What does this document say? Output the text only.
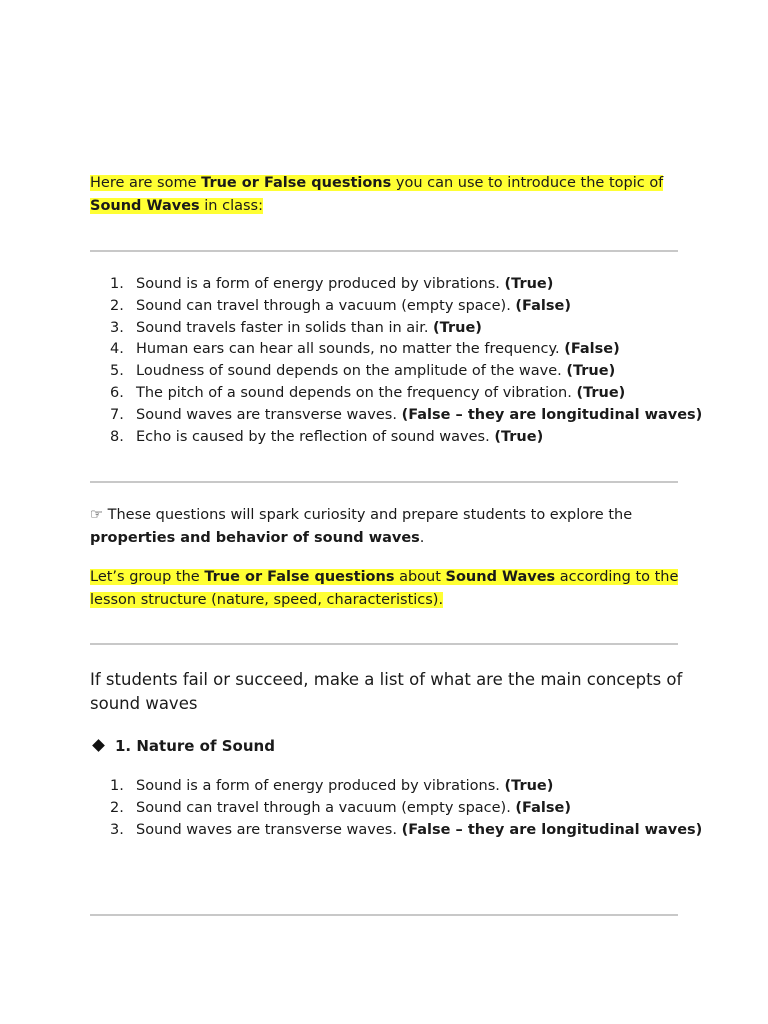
Here are some True or False questions you can use to introduce the topic of Sound Waves in class:

1. Sound is a form of energy produced by vibrations. (True)
2. Sound can travel through a vacuum (empty space). (False)
3. Sound travels faster in solids than in air. (True)
4. Human ears can hear all sounds, no matter the frequency. (False)
5. Loudness of sound depends on the amplitude of the wave. (True)
6. The pitch of a sound depends on the frequency of vibration. (True)
7. Sound waves are transverse waves. (False – they are longitudinal waves)
8. Echo is caused by the reflection of sound waves. (True)

☞ These questions will spark curiosity and prepare students to explore the properties and behavior of sound waves.

Let’s group the True or False questions about Sound Waves according to the lesson structure (nature, speed, characteristics).

If students fail or succeed, make a list of what are the main concepts of sound waves

1. Nature of Sound

1. Sound is a form of energy produced by vibrations. (True)
2. Sound can travel through a vacuum (empty space). (False)
3. Sound waves are transverse waves. (False – they are longitudinal waves)
